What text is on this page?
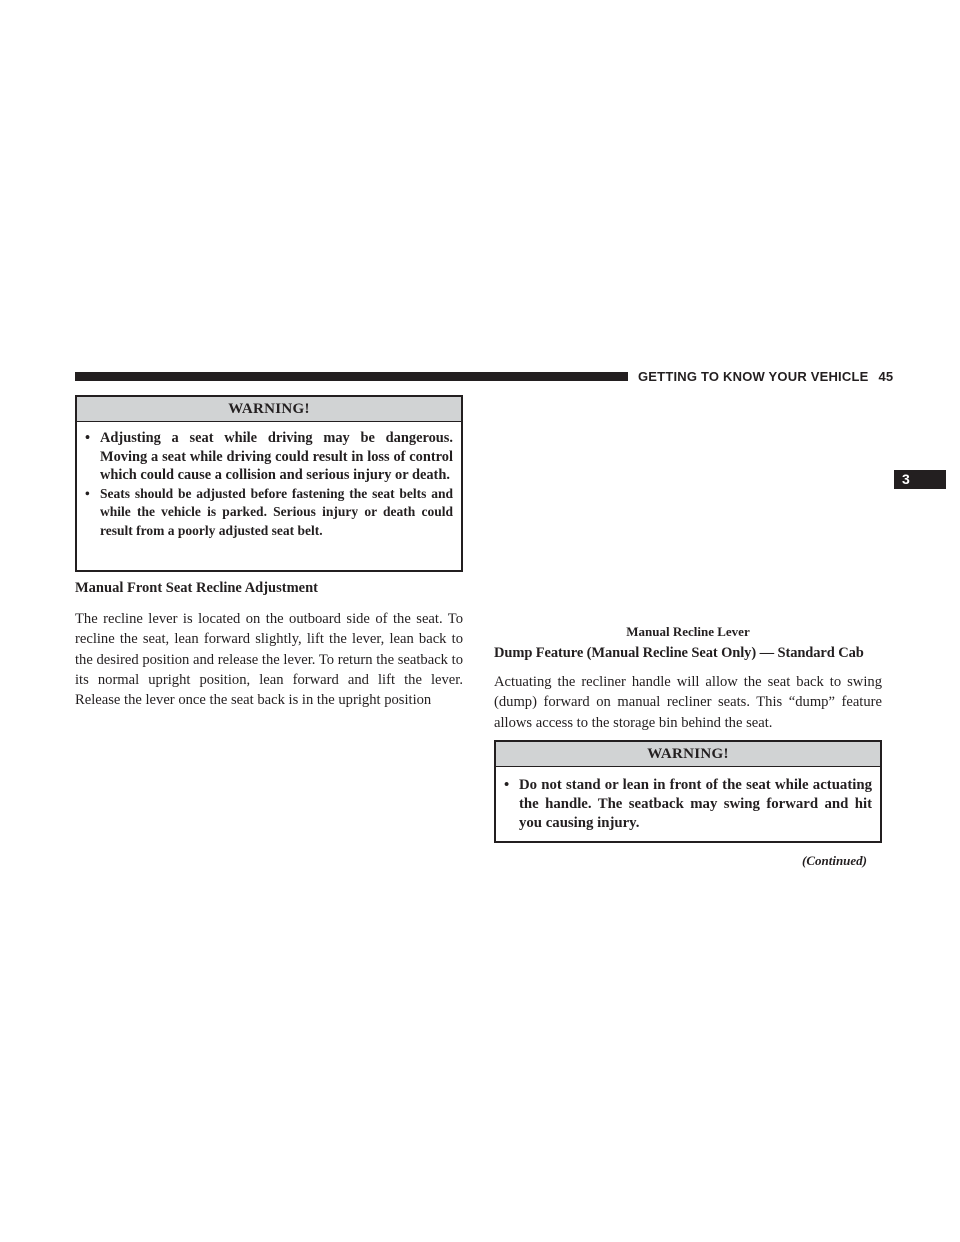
GETTING TO KNOW YOUR VEHICLE 45
3
WARNING!
• Adjusting a seat while driving may be dangerous. Moving a seat while driving could result in loss of control which could cause a collision and serious injury or death.
• Seats should be adjusted before fastening the seat belts and while the vehicle is parked. Serious injury or death could result from a poorly adjusted seat belt.
Manual Front Seat Recline Adjustment

The recline lever is located on the outboard side of the seat. To recline the seat, lean forward slightly, lift the lever, lean back to the desired position and release the lever. To return the seatback to its normal upright position, lean forward and lift the lever. Release the lever once the seat back is in the upright position

Manual Recline Lever
Dump Feature (Manual Recline Seat Only) — Standard Cab

Actuating the recliner handle will allow the seat back to swing (dump) forward on manual recliner seats. This “dump” feature allows access to the storage bin behind the seat.

WARNING!
• Do not stand or lean in front of the seat while actuating the handle. The seatback may swing forward and hit you causing injury.
(Continued)
